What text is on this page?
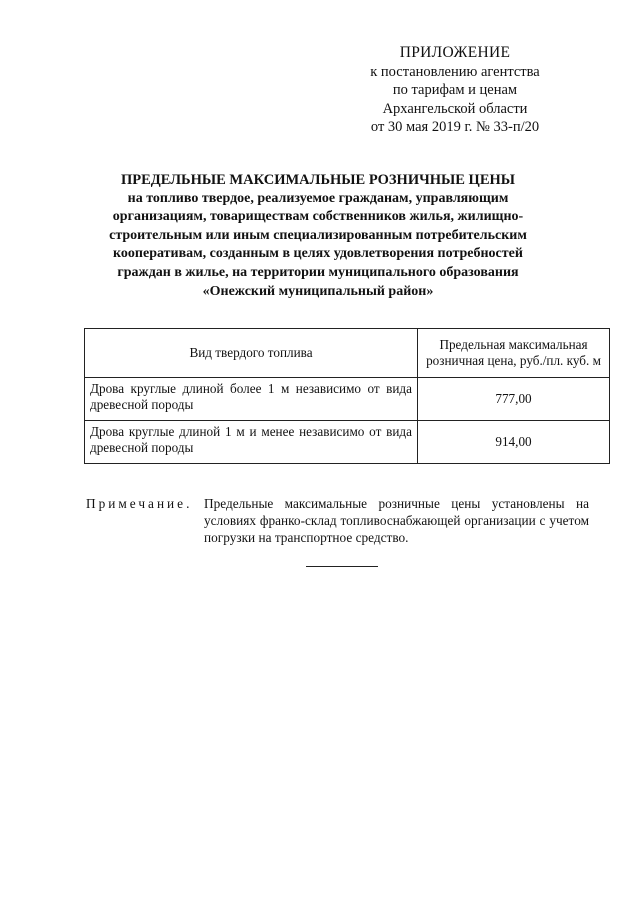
ПРИЛОЖЕНИЕ
к постановлению агентства
по тарифам и ценам
Архангельской области
от 30 мая 2019 г. № 33-п/20
ПРЕДЕЛЬНЫЕ МАКСИМАЛЬНЫЕ РОЗНИЧНЫЕ ЦЕНЫ
на топливо твердое, реализуемое гражданам, управляющим организациям, товариществам собственников жилья, жилищно-строительным или иным специализированным потребительским кооперативам, созданным в целях удовлетворения потребностей граждан в жилье, на территории муниципального образования «Онежский муниципальный район»
Вид твердого топлива	Предельная максимальная розничная цена, руб./пл. куб. м
Дрова круглые длиной более 1 м независимо от вида древесной породы	777,00
Дрова круглые длиной 1 м и менее независимо от вида древесной породы	914,00
Примечание. Предельные максимальные розничные цены установлены на условиях франко-склад топливоснабжающей организации с учетом погрузки на транспортное средство.
